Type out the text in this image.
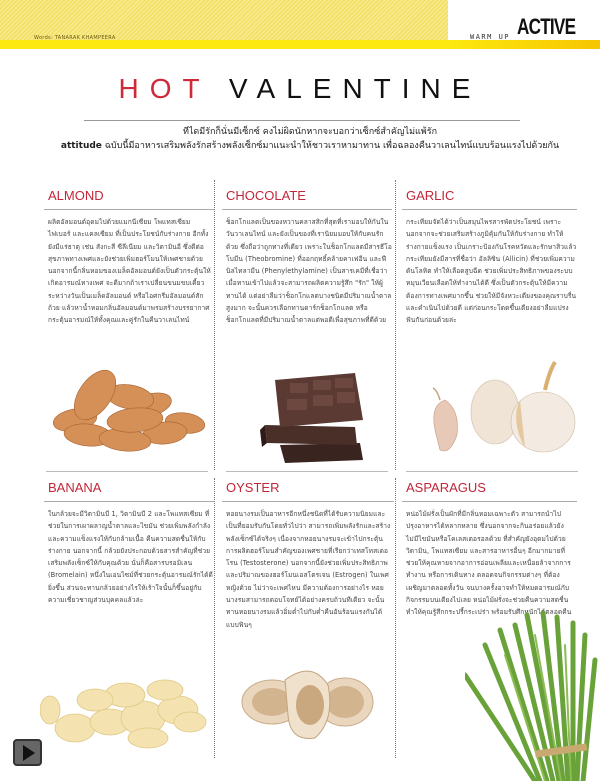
Words: TANARAK KHAMPEERA	WARM UP ACTIVE
HOT VALENTINE
ทีไดมีรักก็นั่นมีเซ็กซ์ คงไม่ผิดนักหากจะบอกว่าเซ็กซ์สำคัญไม่แพ้รัก
attitude ฉบับนี้มีอาหารเสริมพลังรักสร้างพลังเซ็กซ์มาแนะนำให้ชาวเราหามาทาน เพื่อฉลองคืนวาเลนไทน์แบบร้อนแรงไปด้วยกัน
ALMOND

ผลิตอัลมอนด์อุดมไปด้วยแมกนีเซียม โพแทสเซียม ไฟเบอร์ และแคลเซียม ที่เป็นประโยชน์กับร่างกาย อีกทั้งยังมีแร่ธาตุ เช่น สังกะสี ซีลีเนียม และวิตามินอี ซึ่งดีต่อสุขภาพทางเพศและยังช่วยเพิ่มฮอร์โมนให้เพศชายด้วย นอกจากนี้กลิ่นหอมของเมล็ดอัลมอนด์ยังเป็นตัวกระตุ้นให้เกิดอารมณ์ทางเพศ จะดีมากถ้าเราเปลี่ยนขนมขบเคี้ยวระหว่างวันเป็นเมล็ดอัลมอนด์ หรือไอศกรีมอัลมอนด์สักถ้วย แล้วหาน้ำหอมกลิ่นอัลมอนด์มาพรมสร้างบรรยากาศกระตุ้นอารมณ์ให้ทั้งคุณและคู่รักในคืนวาเลนไทน์

CHOCOLATE

ช็อกโกแลตเป็นของหวานคลาสสิกที่สุดที่เรามอบให้กันในวันวาเลนไทน์ และยังเป็นของที่เรานิยมมอบให้กับคนรักด้วย ซึ่งถือว่าถูกทางที่เดียว เพราะในช็อกโกแลตมีสารธีโอโบมีน (Theobromine) ที่ออกฤทธิ์คล้ายคาเฟอีน และฟีนิลไทลามีน (Phenylethylamine) เป็นสารเคมีที่เชื่อว่าเมื่อทานเข้าไปแล้วจะสามารถผลิตความรู้สึก "รัก" ให้ผู้ทานได้ แต่อย่าลืมว่าช็อกโกแลตบางชนิดมีปริมาณน้ำตาลสูงมาก จะนั้นควรเลือกทานดาร์กช็อกโกแลต หรือช็อกโกแลตที่มีปริมาณน้ำตาลแต่พอดีเพื่อสุขภาพที่ดีด้วย

GARLIC

กระเทียมจัดได้ว่าเป็นสมุนไพรสารพัดประโยชน์ เพราะนอกจากจะช่วยเสริมสร้างภูมิคุ้มกันให้กับร่างกาย ทำให้ร่างกายแข็งแรง เป็นเกราะป้องกันโรคหวัดและรักษาสิวแล้ว กระเทียมยังมีสารที่ชื่อว่า อัลลิซิน (Allicin) ที่ช่วยเพิ่มความดันโลหิต ทำให้เลือดสูบฉีด ช่วยเพิ่มประสิทธิภาพของระบบหมุนเวียนเลือดให้ทำงานได้ดี ซึ่งเป็นตัวกระตุ้นให้มีความต้องการทางเพศมากขึ้น ช่วยให้มีจังหวะเตียงของคุณราบรื่น และดำเนินไปด้วยดี แต่ก่อนกระโดดขึ้นเตียงอย่าลืมแปรงฟันกันก่อนด้วยล่ะ

BANANA

ในกล้วยจะมีวิตามินบี 1, วิตามินบี 2 และโพแทสเซียม ที่ช่วยในการเผาผลาญน้ำตาลและไขมัน ช่วยเพิ่มพลังกำลังและความแข็งแรงให้กับกล้ามเนื้อ คืนความสดชื่นให้กับร่างกาย นอกจากนี้ กล้วยยังประกอบด้วยสารสำคัญที่ช่วยเสริมพลังเซ็กซ์ให้กับคุณด้วย นั่นก็คือสารบรอมิเลน (Bromelain) หนึ่งในเอนไซม์ที่ช่วยกระตุ้นอารมณ์รักได้ดียิ่งขึ้น ส่วนจะทานกล้วยอย่างไรให้เร้าใจนั้นก็ขึ้นอยู่กับความเชี่ยวชาญส่วนบุคคลแล้วล่ะ

OYSTER

หอยนางรมเป็นอาหารอีกหนึ่งชนิดที่ได้รับความนิยมและเป็นที่ยอมรับกันโดยทั่วไปว่า สามารถเพิ่มพลังรักและสร้างพลังเซ็กซ์ได้จริงๆ เนื่องจากหอยนางรมจะเข้าไปกระตุ้นการผลิตฮอร์โมนสำคัญของเพศชายที่เรียกว่าเทสโทสเตอโรน (Testosterone) นอกจากนี้ยังช่วยเพิ่มประสิทธิภาพและปริมาณของฮอร์โมนเอสโตรเจน (Estrogen) ในเพศหญิงด้วย ไม่ว่าจะเพศไหน มีความต้องการอย่างไร หอยนางรมสามารถตอบโจทย์ได้อย่างครบถ้วนทีเดียว จะนั้นทานหอยนางรมแล้วอิ่มต่ำไปกับค่ำคืนอันร้อนแรงกันได้แบบฟินๆ

ASPARAGUS

หน่อไม้ฝรั่งเป็นผักที่มีกลิ่นหอมเฉพาะตัว สามารถนำไปปรุงอาหารได้หลากหลาย ซึ่งนอกจากจะกินอร่อยแล้วยังไม่มีไขมันหรือโคเลสเตอรอลด้วย ที่สำคัญยังอุดมไปด้วยวิตามิน, โพแทสเซียม และสารอาหารอื่นๆ อีกมากมายที่ช่วยให้คุณหายจากอาการอ่อนเพลียและเหนื่อยล้าจากการทำงาน หรือการเดินทาง ตลอดจนกิจกรรมต่างๆ ที่ต้องเผชิญมาตลอดทั้งวัน จนบางครั้งอาจทำให้หมดอารมณ์กับกิจกรรมบนเตียงไปเลย หน่อไม้ฝรั่งจะช่วยคืนความสดชื่น ทำให้คุณรู้สึกกระปรี้กระเปร่า พร้อมรับศึกหนักได้ตลอดคืน
